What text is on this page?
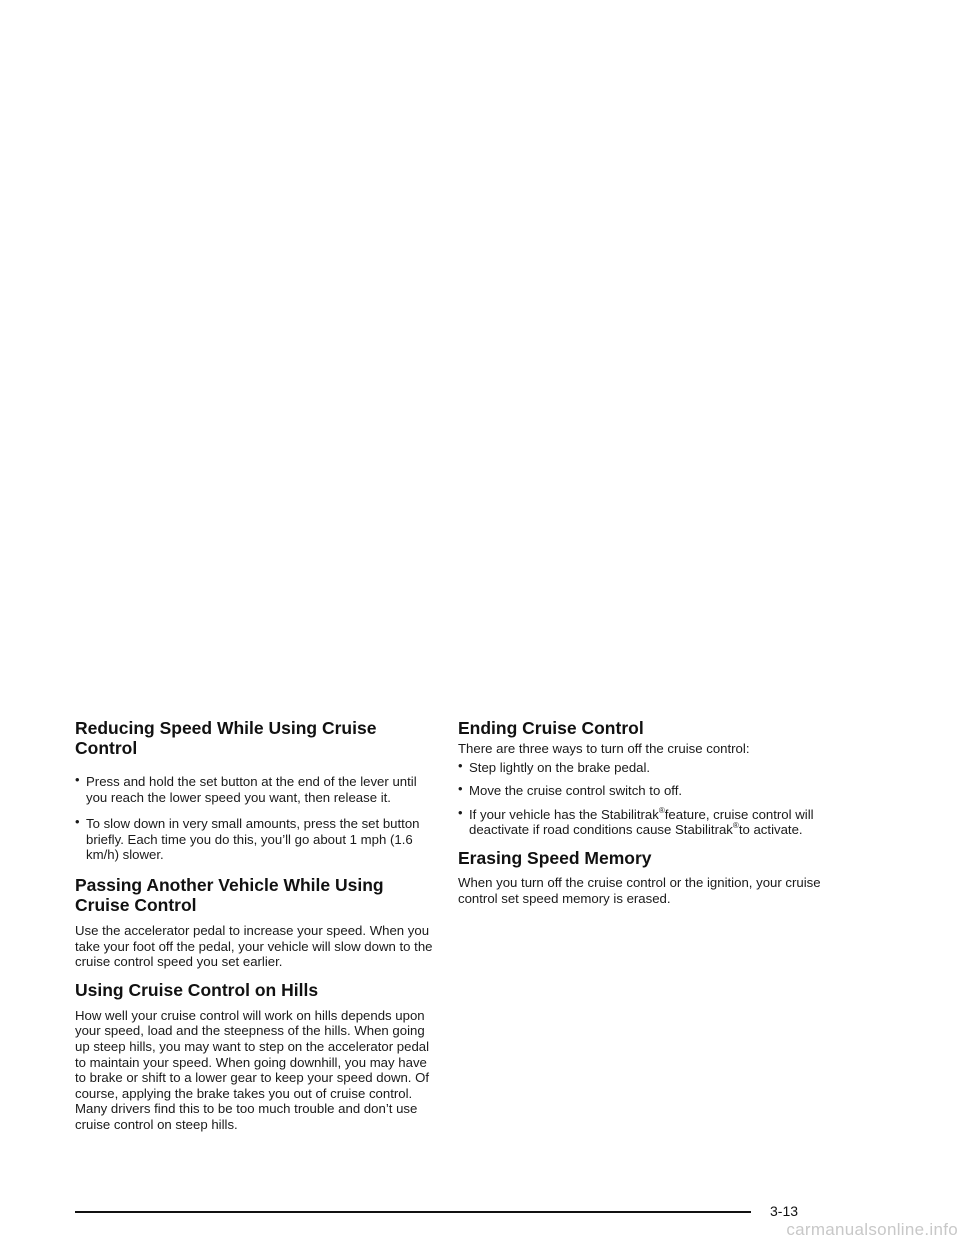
Reducing Speed While Using Cruise Control
• Press and hold the set button at the end of the lever until you reach the lower speed you want, then release it.
• To slow down in very small amounts, press the set button briefly. Each time you do this, you’ll go about 1 mph (1.6 km/h) slower.
Passing Another Vehicle While Using Cruise Control

Use the accelerator pedal to increase your speed. When you take your foot off the pedal, your vehicle will slow down to the cruise control speed you set earlier.

Using Cruise Control on Hills

How well your cruise control will work on hills depends upon your speed, load and the steepness of the hills. When going up steep hills, you may want to step on the accelerator pedal to maintain your speed. When going downhill, you may have to brake or shift to a lower gear to keep your speed down. Of course, applying the brake takes you out of cruise control. Many drivers find this to be too much trouble and don’t use cruise control on steep hills.

Ending Cruise Control

There are three ways to turn off the cruise control:

• Step lightly on the brake pedal.
• Move the cruise control switch to off.
• If your vehicle has the Stabilitrak®feature, cruise control will deactivate if road conditions cause Stabilitrak®to activate.
Erasing Speed Memory

When you turn off the cruise control or the ignition, your cruise control set speed memory is erased.

3-13
carmanualsonline.info
